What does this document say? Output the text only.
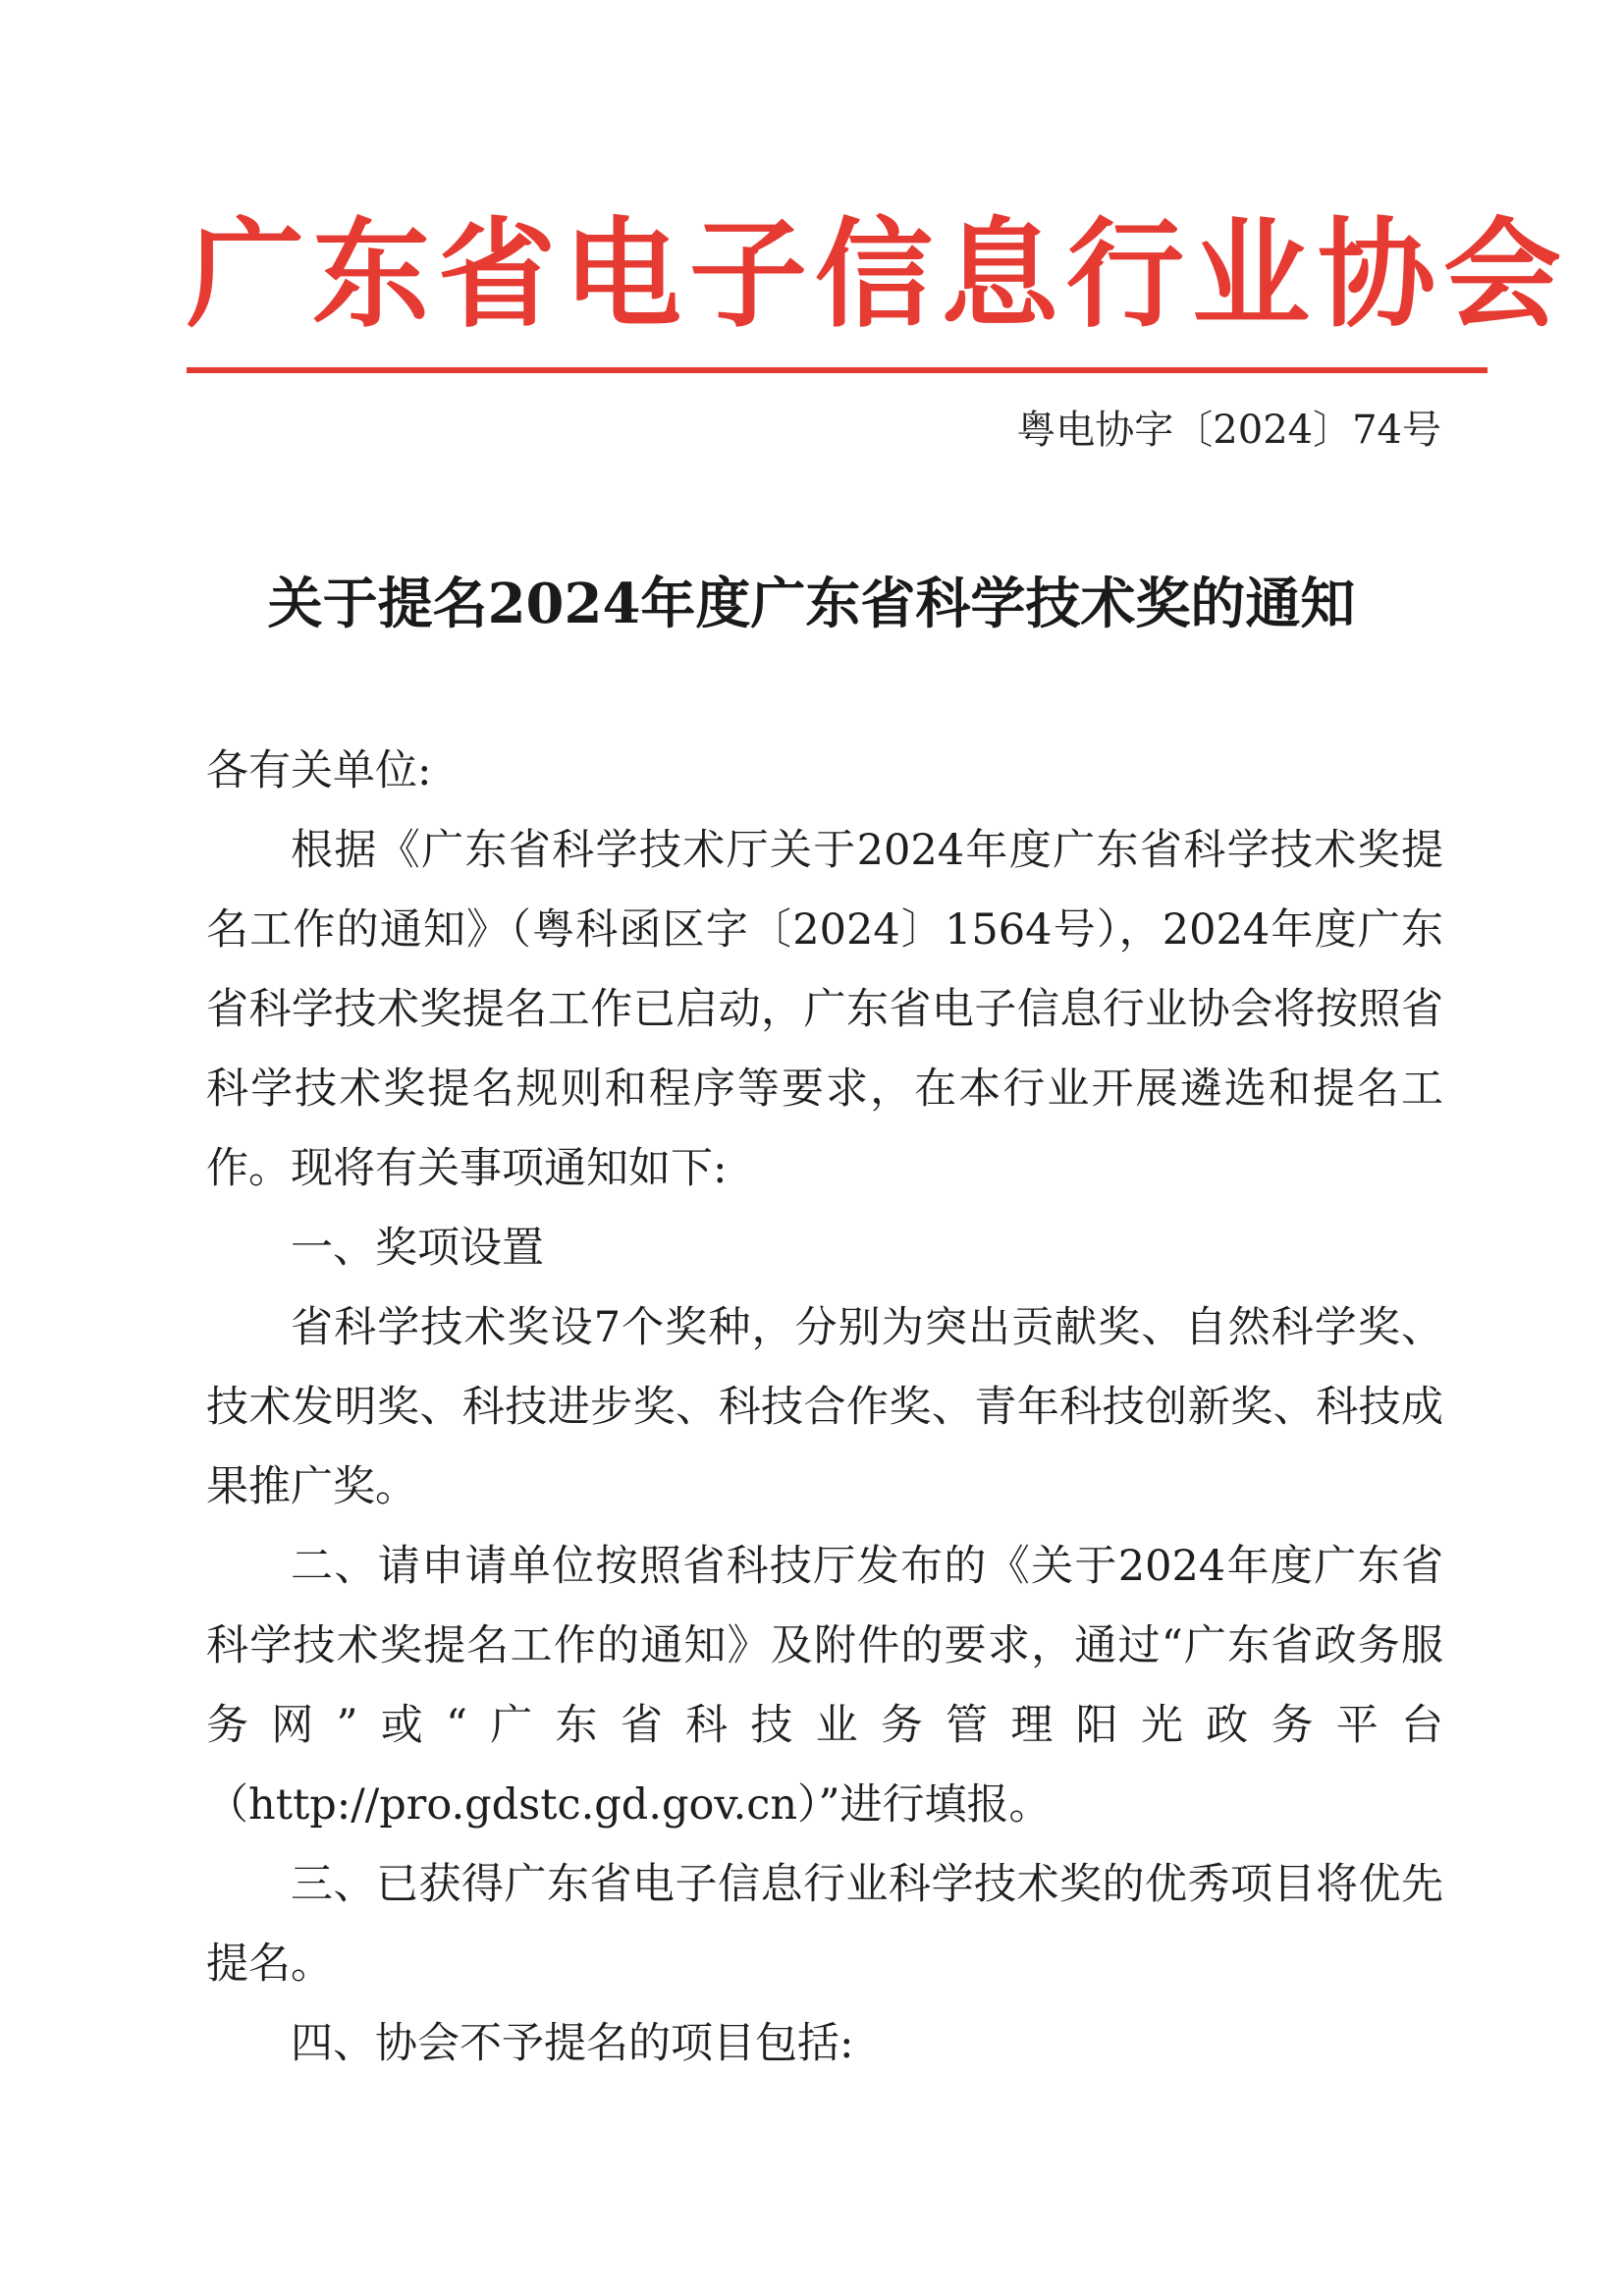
广东省电子信息行业协会
粤电协字〔2024〕74号
关于提名2024年度广东省科学技术奖的通知

各有关单位:

根据《广东省科学技术厅关于2024年度广东省科学技术奖提名工作的通知》（粤科函区字〔2024〕1564号），2024年度广东省科学技术奖提名工作已启动，广东省电子信息行业协会将按照省科学技术奖提名规则和程序等要求，在本行业开展遴选和提名工作。现将有关事项通知如下:

一、奖项设置

省科学技术奖设7个奖种，分别为突出贡献奖、自然科学奖、技术发明奖、科技进步奖、科技合作奖、青年科技创新奖、科技成果推广奖。

二、请申请单位按照省科技厅发布的《关于2024年度广东省科学技术奖提名工作的通知》及附件的要求，通过“广东省政务服务网”或“广东省科技业务管理阳光政务平台（http://pro.gdstc.gd.gov.cn）”进行填报。

三、已获得广东省电子信息行业科学技术奖的优秀项目将优先提名。

四、协会不予提名的项目包括:
